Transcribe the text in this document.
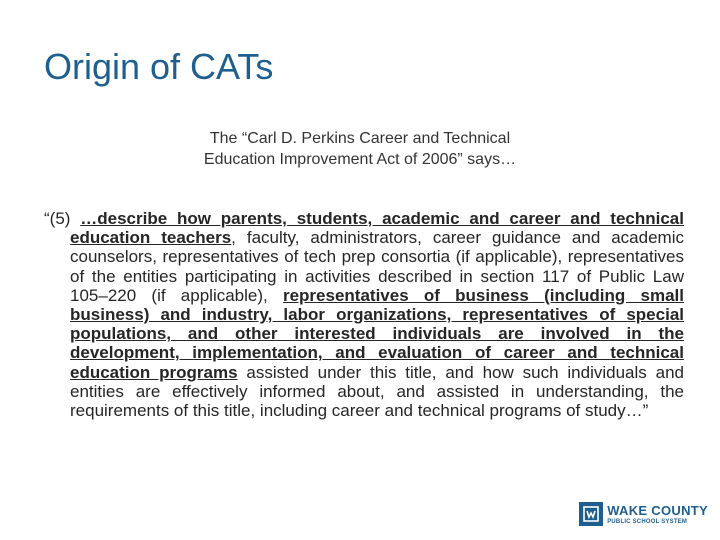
Origin of CATs
The “Carl D. Perkins Career and Technical
Education Improvement Act of 2006” says…

“(5) …describe how parents, students, academic and career and technical education teachers, faculty, administrators, career guidance and academic counselors, representatives of tech prep consortia (if applicable), representatives of the entities participating in activities described in section 117 of Public Law 105–220 (if applicable), representatives of business (including small business) and industry, labor organizations, representatives of special populations, and other interested individuals are involved in the development, implementation, and evaluation of career and technical education programs assisted under this title, and how such individuals and entities are effectively informed about, and assisted in understanding, the requirements of this title, including career and technical programs of study…”

WAKE COUNTY
PUBLIC SCHOOL SYSTEM
